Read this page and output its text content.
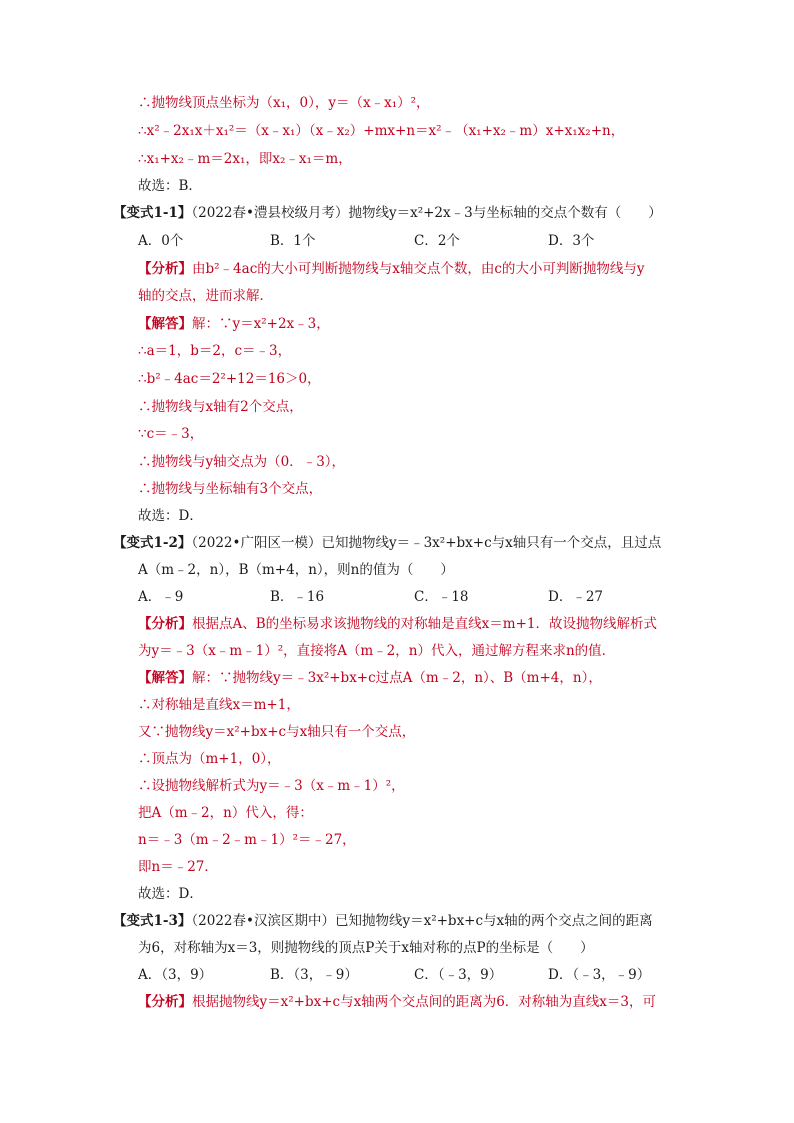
∴抛物线顶点坐标为（x₁，0），y＝（x﹣x₁）²，
∴x²﹣2x₁x＋x₁²＝（x﹣x₁）（x﹣x₂）+mx+n＝x²﹣（x₁+x₂﹣m）x+x₁x₂+n，
∴x₁+x₂﹣m＝2x₁，即x₂﹣x₁＝m，
故选：B．
【变式1-1】（2022春•澧县校级月考）抛物线y＝x²+2x﹣3与坐标轴的交点个数有（　　）
A．0个	B．1个	C．2个	D．3个
【分析】由b²﹣4ac的大小可判断抛物线与x轴交点个数，由c的大小可判断抛物线与y
轴的交点，进而求解．
【解答】解：∵y＝x²+2x﹣3，
∴a＝1，b＝2，c＝﹣3，
∴b²﹣4ac＝2²+12＝16＞0，
∴抛物线与x轴有2个交点，
∵c＝﹣3，
∴抛物线与y轴交点为（0．﹣3），
∴抛物线与坐标轴有3个交点，
故选：D．
【变式1-2】（2022•广阳区一模）已知抛物线y＝﹣3x²+bx+c与x轴只有一个交点，且过点
A（m﹣2，n），B（m+4，n），则n的值为（　　）
A．﹣9	B．﹣16	C．﹣18	D．﹣27
【分析】根据点A、B的坐标易求该抛物线的对称轴是直线x＝m+1．故设抛物线解析式
为y＝﹣3（x﹣m﹣1）²，直接将A（m﹣2，n）代入，通过解方程来求n的值．
【解答】解：∵抛物线y＝﹣3x²+bx+c过点A（m﹣2，n）、B（m+4，n），
∴对称轴是直线x＝m+1，
又∵抛物线y＝x²+bx+c与x轴只有一个交点，
∴顶点为（m+1，0），
∴设抛物线解析式为y＝﹣3（x﹣m﹣1）²，
把A（m﹣2，n）代入，得：
n＝﹣3（m﹣2﹣m﹣1）²＝﹣27，
即n＝﹣27．
故选：D．
【变式1-3】（2022春•汉滨区期中）已知抛物线y＝x²+bx+c与x轴的两个交点之间的距离
为6，对称轴为x＝3，则抛物线的顶点P关于x轴对称的点P的坐标是（　　）
A．（3，9）	B．（3，﹣9）	C．（﹣3，9）	D．（﹣3，﹣9）
【分析】根据抛物线y＝x²+bx+c与x轴两个交点间的距离为6．对称轴为直线x＝3，可
